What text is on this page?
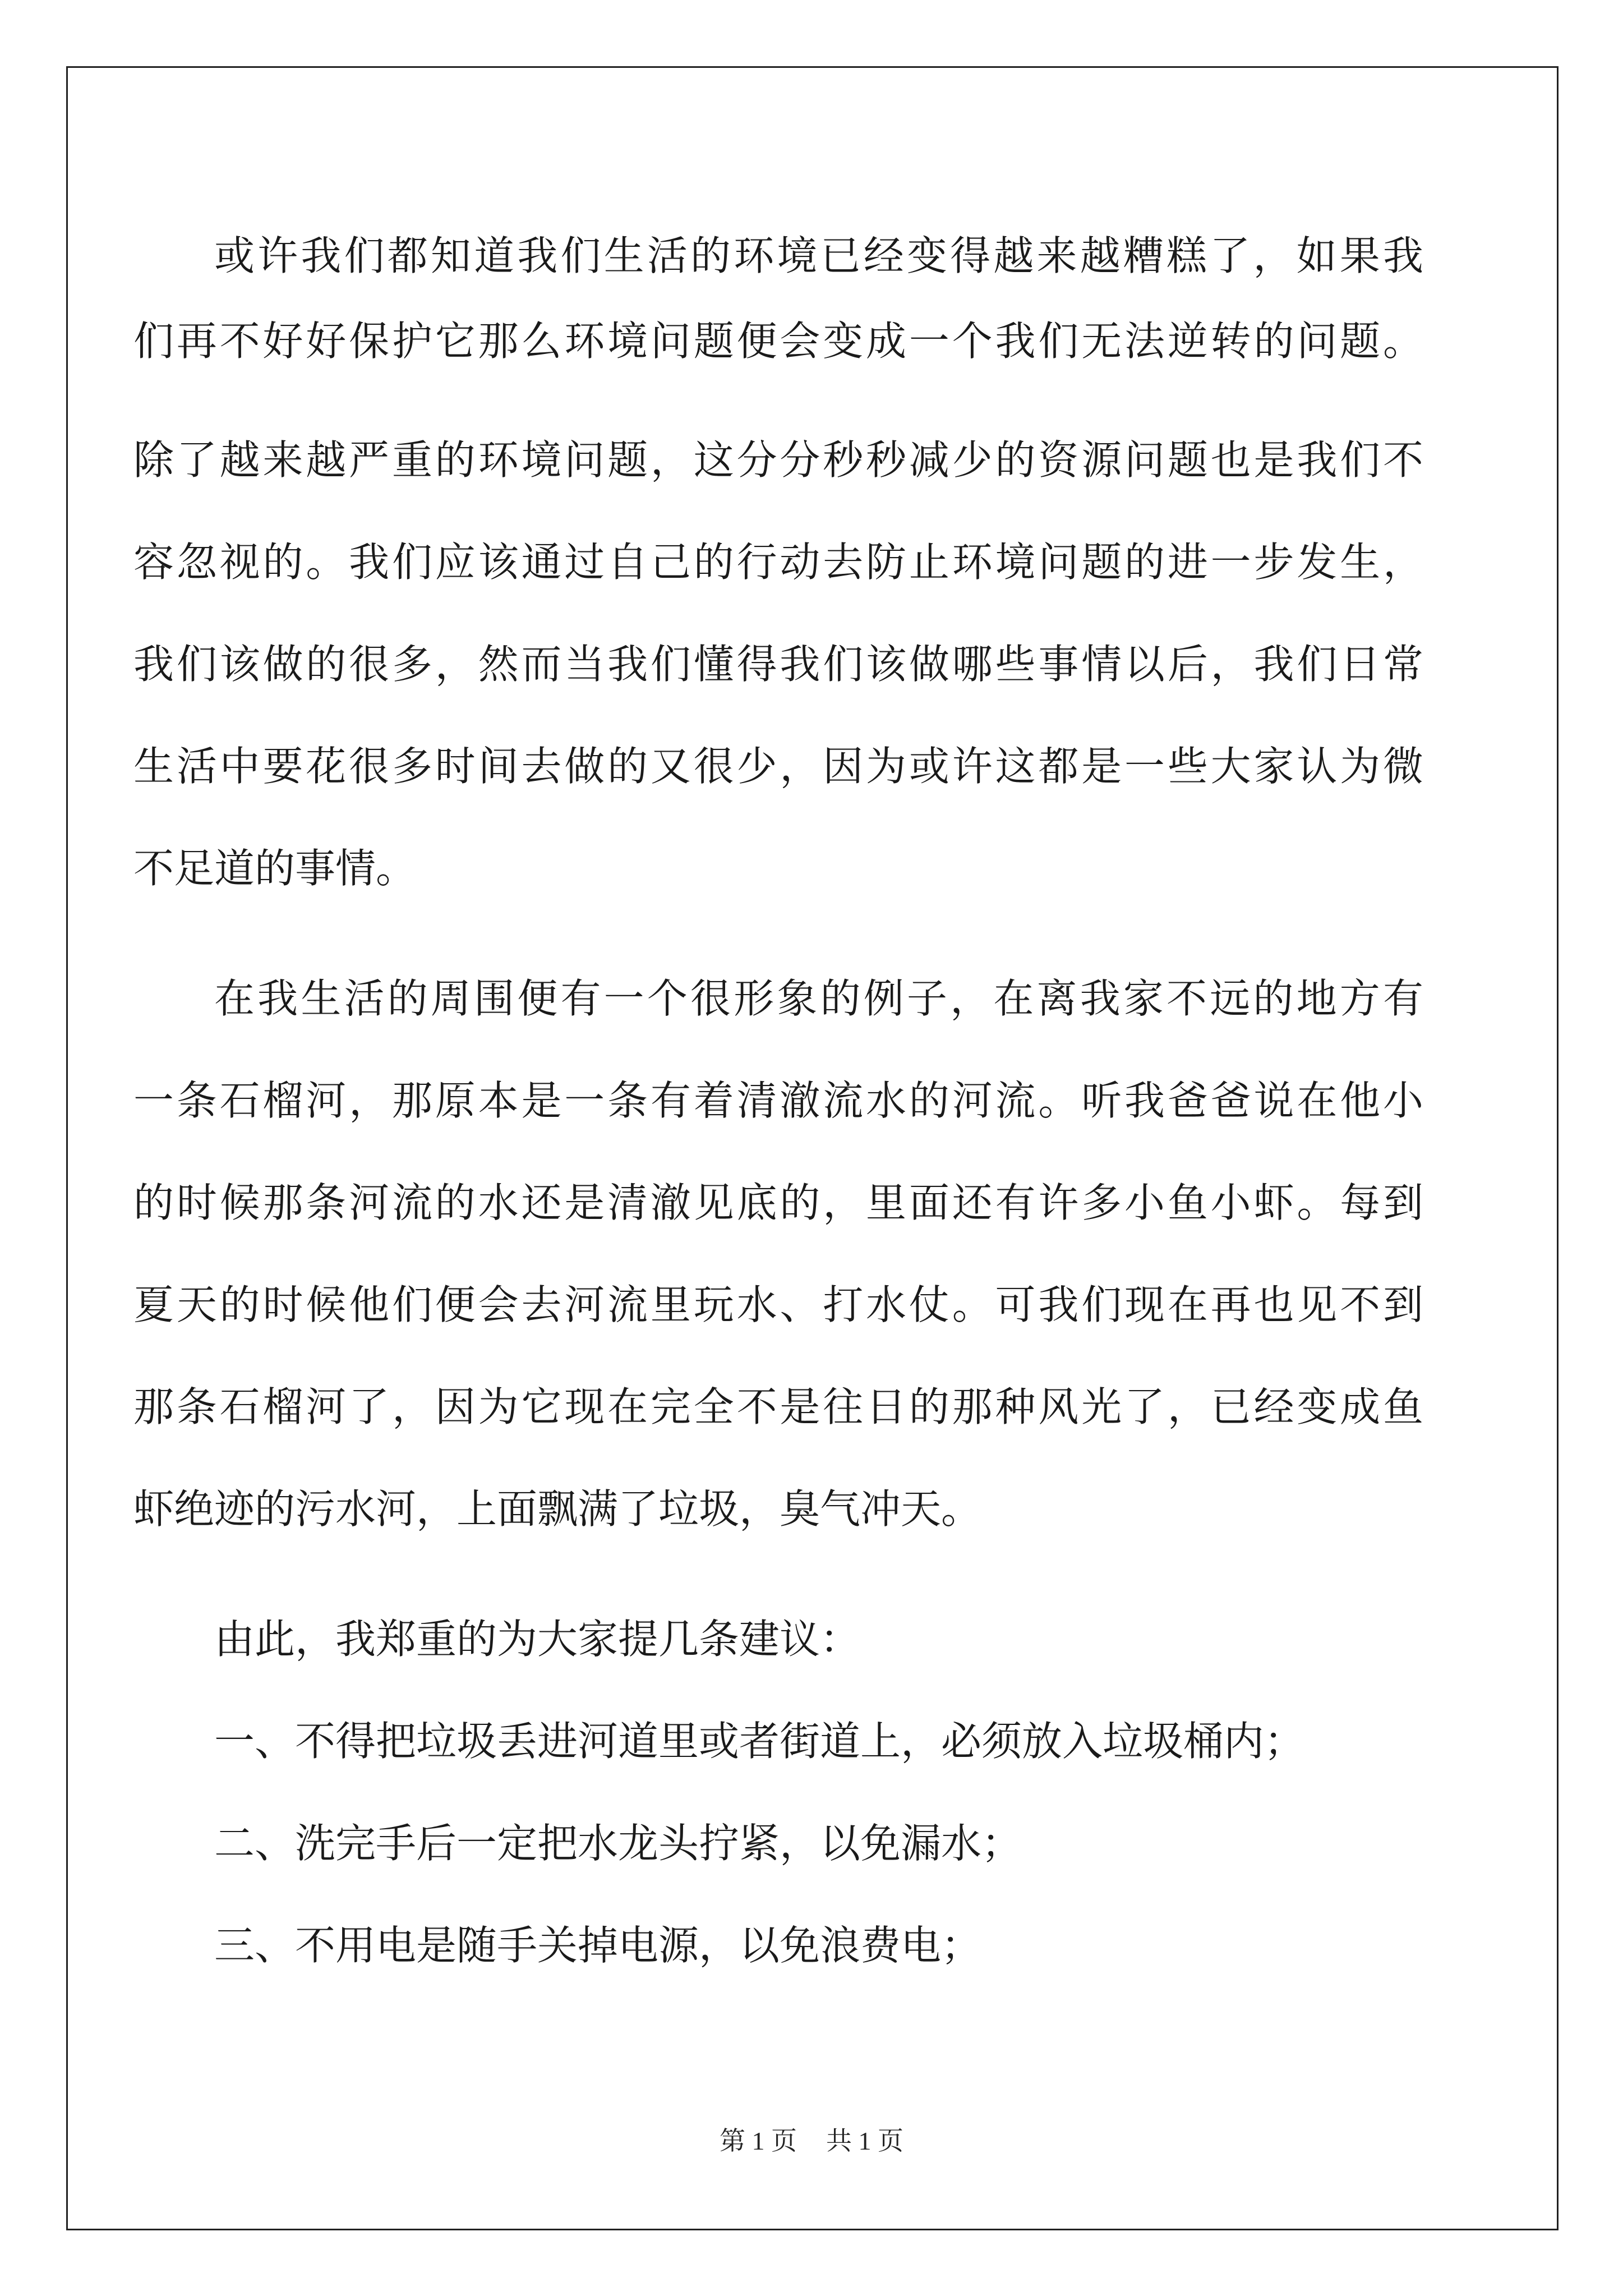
或许我们都知道我们生活的环境已经变得越来越糟糕了，如果我
们再不好好保护它那么环境问题便会变成一个我们无法逆转的问题。
除了越来越严重的环境问题，这分分秒秒减少的资源问题也是我们不
容忽视的。我们应该通过自己的行动去防止环境问题的进一步发生，
我们该做的很多，然而当我们懂得我们该做哪些事情以后，我们日常
生活中要花很多时间去做的又很少，因为或许这都是一些大家认为微
不足道的事情。
在我生活的周围便有一个很形象的例子，在离我家不远的地方有
一条石榴河，那原本是一条有着清澈流水的河流。听我爸爸说在他小
的时候那条河流的水还是清澈见底的，里面还有许多小鱼小虾。每到
夏天的时候他们便会去河流里玩水、打水仗。可我们现在再也见不到
那条石榴河了，因为它现在完全不是往日的那种风光了，已经变成鱼
虾绝迹的污水河，上面飘满了垃圾，臭气冲天。
由此，我郑重的为大家提几条建议：
一、不得把垃圾丢进河道里或者街道上，必须放入垃圾桶内；
二、洗完手后一定把水龙头拧紧，以免漏水；
三、不用电是随手关掉电源，以免浪费电；
第 1 页 共 1 页
